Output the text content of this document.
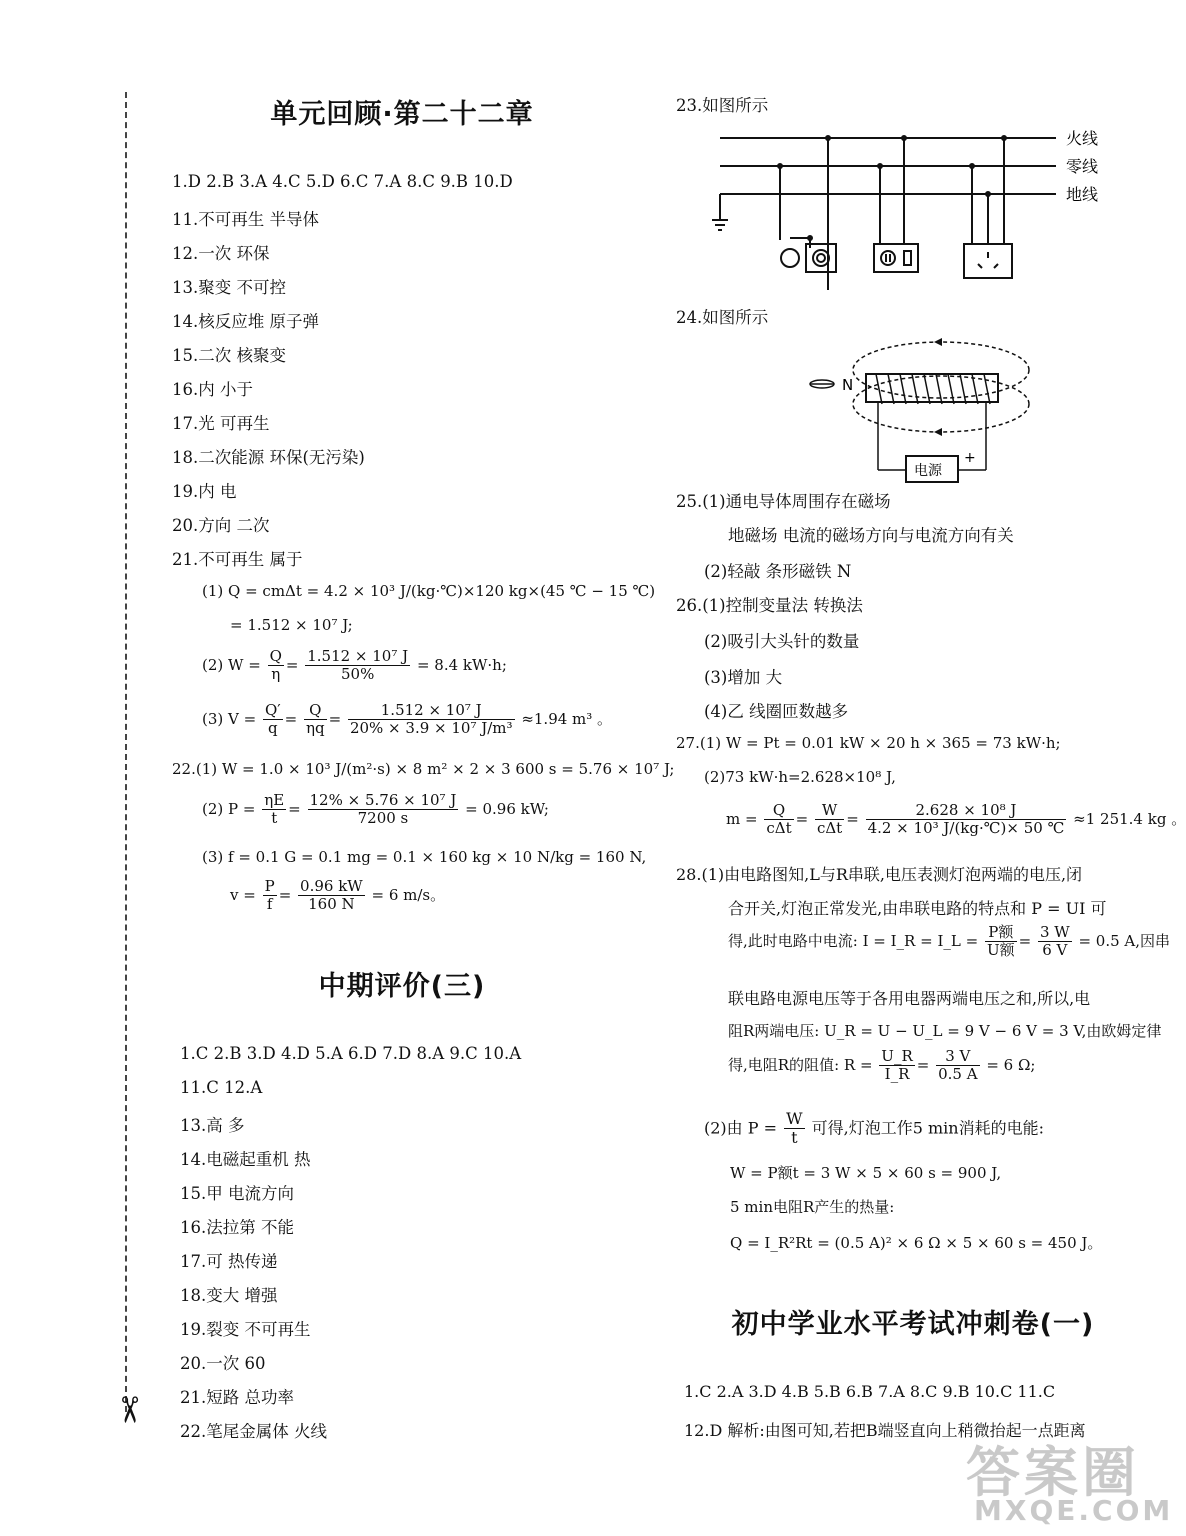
✂
单元回顾·第二十二章
1.D 2.B 3.A 4.C 5.D 6.C 7.A 8.C 9.B 10.D
11.不可再生 半导体
12.一次 环保
13.聚变 不可控
14.核反应堆 原子弹
15.二次 核聚变
16.内 小于
17.光 可再生
18.二次能源 环保(无污染)
19.内 电
20.方向 二次
21.不可再生 属于
(1) Q = cmΔt = 4.2 × 10³ J/(kg·℃)×120 kg×(45 ℃ − 15 ℃)
= 1.512 × 10⁷ J;
(2) $W = \frac{Q}{\eta} = \frac{\text{1.512 × 10⁷ J}}{50\%} = 8.4$ kW·h;
(3) $V = \frac{Q'}{q} = \frac{Q}{\eta q} = \frac{\text{1.512 × 10⁷ J}}{\text{20\% × 3.9 × 10⁷ J/m³}} \approx 1.94$ m³ 。
22.(1) W = 1.0 × 10³ J/(m²·s) × 8 m² × 2 × 3 600 s = 5.76 × 10⁷ J;
(2) $P = \frac{\eta E}{t} = \frac{\text{12\% × 5.76 × 10⁷ J}}{7200 s} = 0.96$ kW;
(3) f = 0.1 G = 0.1 mg = 0.1 × 160 kg × 10 N/kg = 160 N,
$v = \frac{P}{f} = \frac{0.96 kW}{160 N} = 6$ m/s。
中期评价(三)
1.C 2.B 3.D 4.D 5.A 6.D 7.D 8.A 9.C 10.A
11.C 12.A
13.高 多
14.电磁起重机 热
15.甲 电流方向
16.法拉第 不能
17.可 热传递
18.变大 增强
19.裂变 不可再生
20.一次 60
21.短路 总功率
22.笔尾金属体 火线
23.如图所示
火线
零线
地线
24.如图所示
N
电源
+
25.(1)通电导体周围存在磁场
地磁场 电流的磁场方向与电流方向有关
(2)轻敲 条形磁铁 N
26.(1)控制变量法 转换法
(2)吸引大头针的数量
(3)增加 大
(4)乙 线圈匝数越多
27.(1) W = Pt = 0.01 kW × 20 h × 365 = 73 kW·h;
(2)73 kW·h=2.628×10⁸ J,
$m = \frac{Q}{\text{cΔt}} = \frac{W}{\text{cΔt}} = \frac{\text{2.628 × 10⁸ J}}{\text{4.2 × 10³ J/(kg·℃)× 50 ℃}} \approx 1$ 251.4 kg 。
28.(1)由电路图知,L与R串联,电压表测灯泡两端的电压,闭
合开关,灯泡正常发光,由串联电路的特点和 P = UI 可
得,此时电路中电流: I = I_R = I_L = $\frac{\text{P额}}{\text{U额}} = \frac{3 W}{6 V} = 0.5$ A,因串
联电路电源电压等于各用电器两端电压之和,所以,电
阻R两端电压: U_R = U − U_L = 9 V − 6 V = 3 V,由欧姆定律
得,电阻R的阻值: $R = \frac{U\_R}{I\_R} = \frac{3 V}{0.5 A} = 6$ Ω;
(2)由 $P = \frac{W}{t}$ 可得,灯泡工作5 min消耗的电能:
W = P额t = 3 W × 5 × 60 s = 900 J,
5 min电阻R产生的热量:
Q = I_R²Rt = (0.5 A)² × 6 Ω × 5 × 60 s = 450 J。
初中学业水平考试冲刺卷(一)
1.C 2.A 3.D 4.B 5.B 6.B 7.A 8.C 9.B 10.C 11.C
12.D 解析:由图可知,若把B端竖直向上稍微抬起一点距离
答案圈
MXQE.COM
